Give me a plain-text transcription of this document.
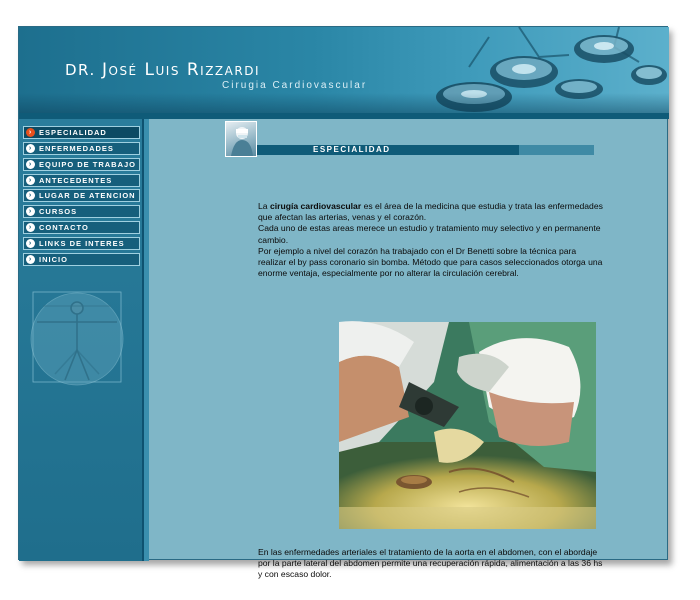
DR. José Luis Rizzardi
Cirugia Cardiovascular
› ESPECIALIDAD
› ENFERMEDADES
› EQUIPO DE TRABAJO
› ANTECEDENTES
› LUGAR DE ATENCION
› CURSOS
› CONTACTO
› LINKS DE INTERES
› INICIO
ESPECIALIDAD
La cirugía cardiovascular es el área de la medicina que estudia y trata las enfermedades que afectan las arterias, venas y el corazón.
Cada uno de estas areas merece un estudio y tratamiento muy selectivo y en permanente cambio.
Por ejemplo a nivel del corazón ha trabajado con el Dr Benetti sobre la técnica para realizar el by pass coronario sin bomba. Método que para casos seleccionados otorga una enorme ventaja, especialmente por no alterar la circulación cerebral.
En las enfermedades arteriales el tratamiento de la aorta en el abdomen, con el abordaje por la parte lateral del abdomen permite una recuperación rápida, alimentación a las 36 hs y con escaso dolor.
